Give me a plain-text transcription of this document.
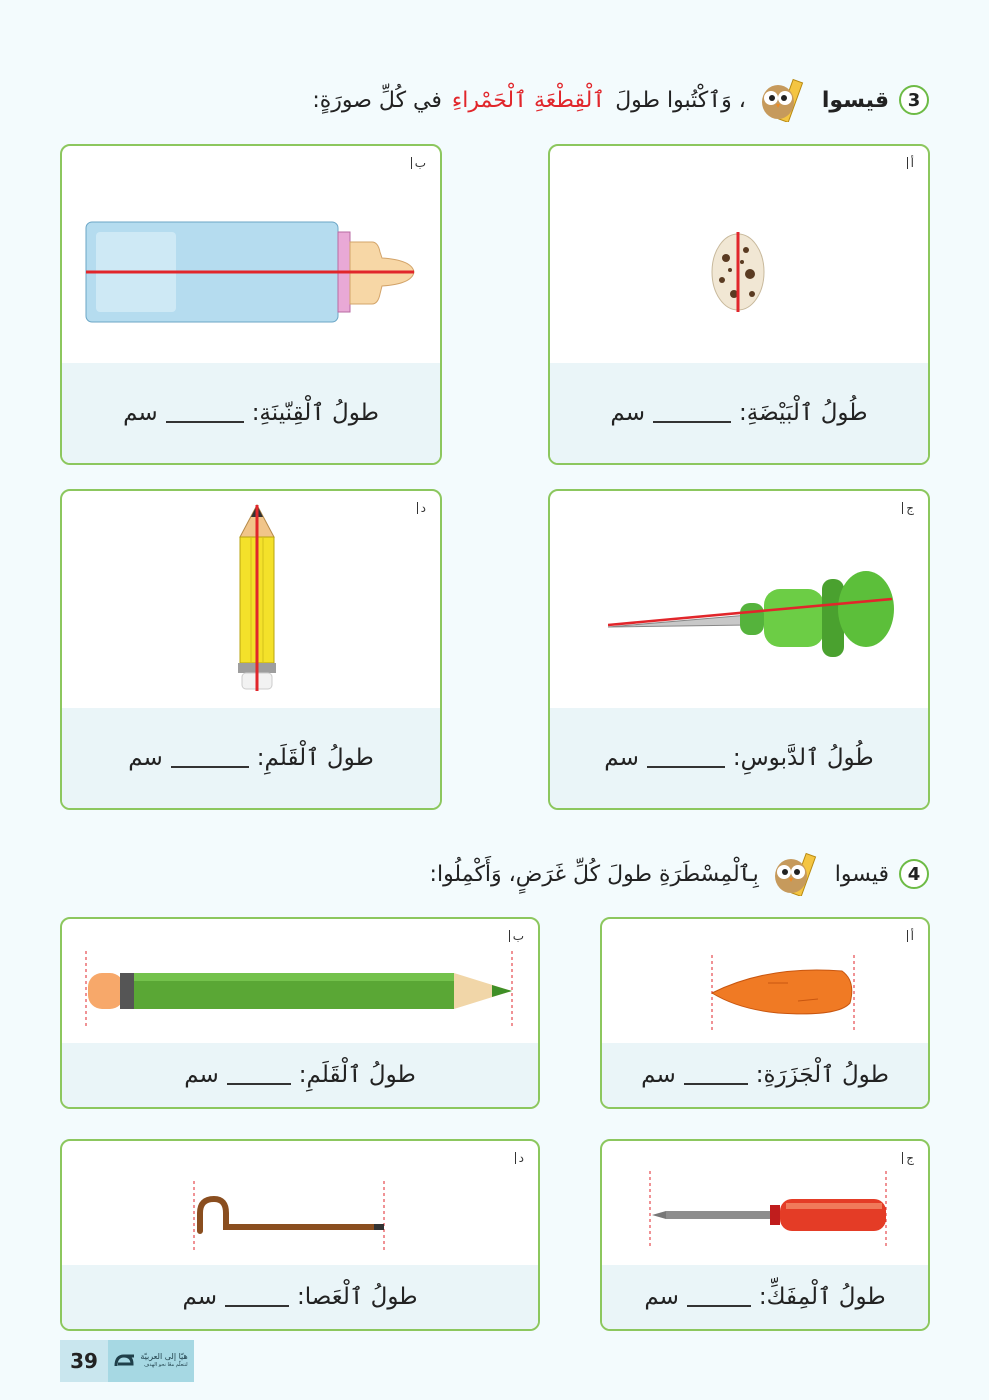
3
قيسوا
، وَٱكْتُبوا طولَ
ٱلْقِطْعَةِ ٱلْحَمْراءِ
في كُلِّ صورَةٍ:
أ
طُولُ ٱلْبَيْضَةِ:
سم
ب
طولُ ٱلْقِنّينَةِ:
سم
ج
طُولُ ٱلدَّبوسِ:
سم
د
طولُ ٱلْقَلَمِ:
سم
4
قيسوا
بِٱلْمِسْطَرَةِ طولَ كُلِّ غَرَضٍ، وَأَكْمِلُوا:
أ
طولُ ٱلْجَزَرَةِ:
سم
ب
طولُ ٱلْقَلَمِ:
سم
ج
طولُ ٱلْمِفَكِّ:
سم
د
طولُ ٱلْعَصا:
سم
39	هيّا إلى العربيّة
لنتعلّم معًا نحو الهدف
